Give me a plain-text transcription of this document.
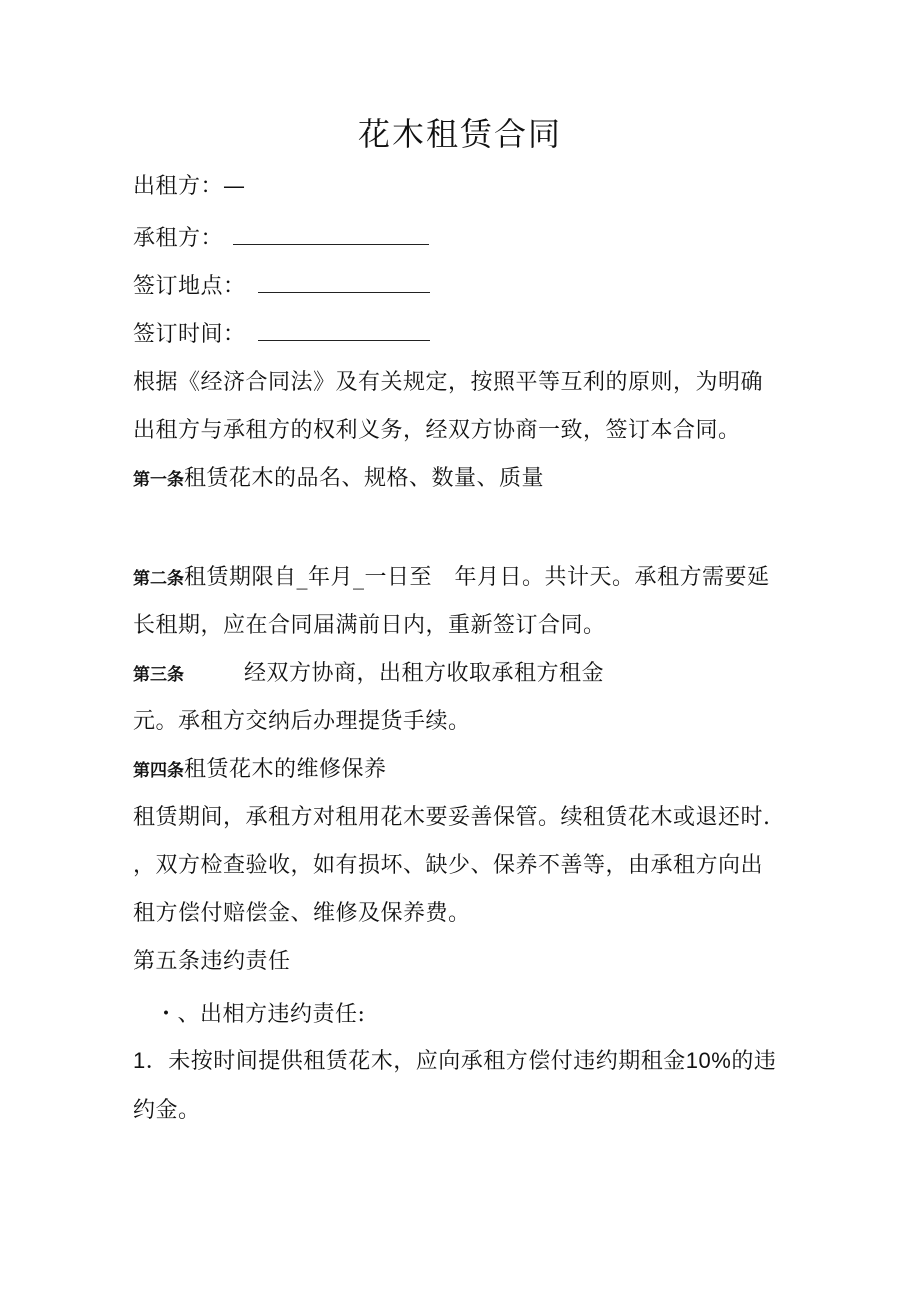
花木租赁合同
出租方：—
承租方：
签订地点：
签订时间：
根据《经济合同法》及有关规定，按照平等互利的原则，为明确
出租方与承租方的权利义务，经双方协商一致，签订本合同。
第一条租赁花木的品名、规格、数量、质量
第二条租赁期限自_年月_一日至　年月日。共计天。承租方需要延
长租期，应在合同届满前日内，重新签订合同。
第三条	经双方协商，出租方收取承租方租金
元。承租方交纳后办理提货手续。
第四条租赁花木的维修保养
租赁期间，承租方对租用花木要妥善保管。续租赁花木或退还时.
，双方检查验收，如有损坏、缺少、保养不善等，由承租方向出
租方偿付赔偿金、维修及保养费。
第五条违约责任
・、出相方违约责任:
1．未按时间提供租赁花木，应向承租方偿付违约期租金10%的违
约金。
